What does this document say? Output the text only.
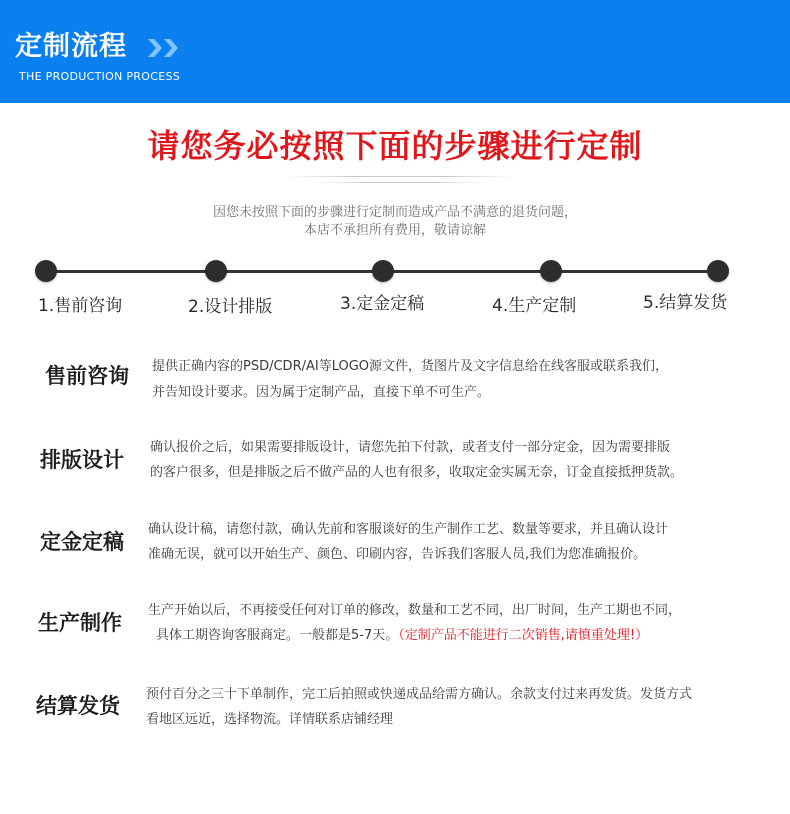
定制流程
THE PRODUCTION PROCESS
请您务必按照下面的步骤进行定制
因您未按照下面的步骤进行定制而造成产品不满意的退货问题，
本店不承担所有费用，敬请谅解
1.售前咨询	2.设计排版	3.定金定稿	4.生产定制	5.结算发货
售前咨询 提供正确内容的PSD/CDR/AI等LOGO源文件，货图片及文字信息给在线客服或联系我们，
并告知设计要求。因为属于定制产品，直接下单不可生产。
排版设计
确认报价之后，如果需要排版设计，请您先拍下付款，或者支付一部分定金，因为需要排版
的客户很多，但是排版之后不做产品的人也有很多，收取定金实属无奈，订金直接抵押货款。
定金定稿
确认设计稿，请您付款，确认先前和客服谈好的生产制作工艺、数量等要求，并且确认设计
准确无误，就可以开始生产、颜色、印刷内容，告诉我们客服人员,我们为您准确报价。
生产制作
生产开始以后，不再接受任何对订单的修改，数量和工艺不同，出厂时间，生产工期也不同，
具体工期咨询客服商定。一般都是5-7天。（定制产品不能进行二次销售,请慎重处理!）
结算发货 预付百分之三十下单制作，完工后拍照或快递成品给需方确认。余款支付过来再发货。发货方式
看地区远近，选择物流。详情联系店铺经理
